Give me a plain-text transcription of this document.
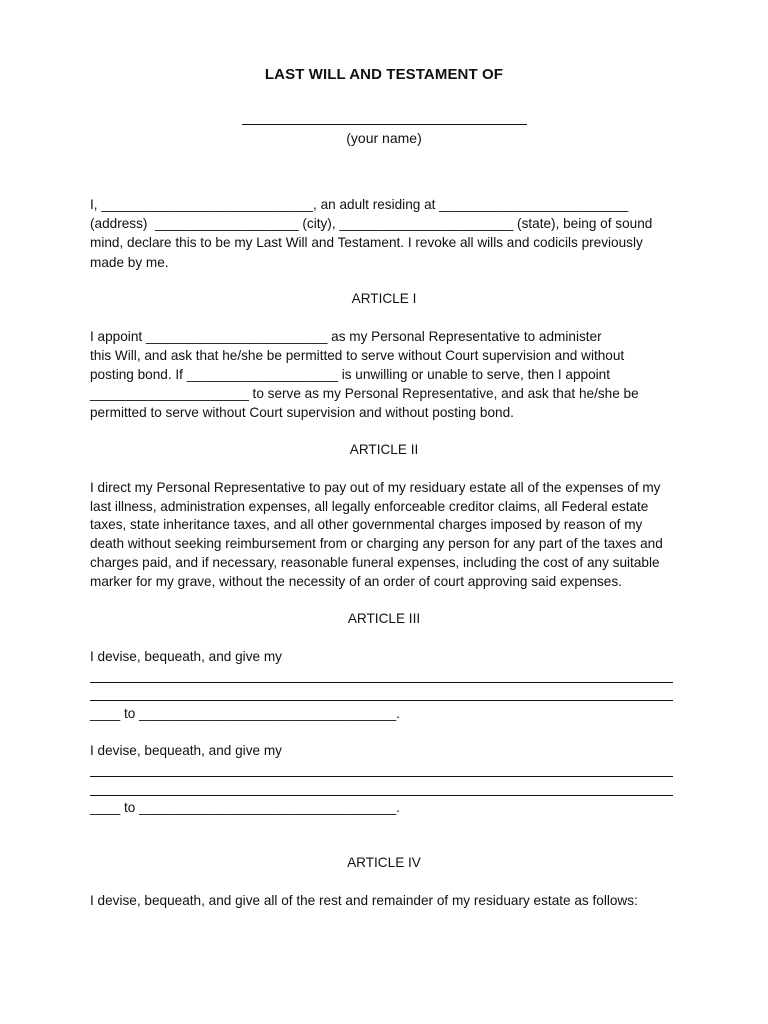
LAST WILL AND TESTAMENT OF
(your name)
I, ____________________________, an adult residing at _________________________
(address)  ___________________ (city), _______________________ (state), being of sound
mind, declare this to be my Last Will and Testament. I revoke all wills and codicils previously
made by me.
ARTICLE I
I appoint ________________________ as my Personal Representative to administer
this Will, and ask that he/she be permitted to serve without Court supervision and without
posting bond. If ____________________ is unwilling or unable to serve, then I appoint
_____________________ to serve as my Personal Representative, and ask that he/she be
permitted to serve without Court supervision and without posting bond.
ARTICLE II
I direct my Personal Representative to pay out of my residuary estate all of the expenses of my
last illness, administration expenses, all legally enforceable creditor claims, all Federal estate
taxes, state inheritance taxes, and all other governmental charges imposed by reason of my
death without seeking reimbursement from or charging any person for any part of the taxes and
charges paid, and if necessary, reasonable funeral expenses, including the cost of any suitable
marker for my grave, without the necessity of an order of court approving said expenses.
ARTICLE III
I devise, bequeath, and give my
____ to __________________________________.
I devise, bequeath, and give my
____ to __________________________________.
ARTICLE IV
I devise, bequeath, and give all of the rest and remainder of my residuary estate as follows:
